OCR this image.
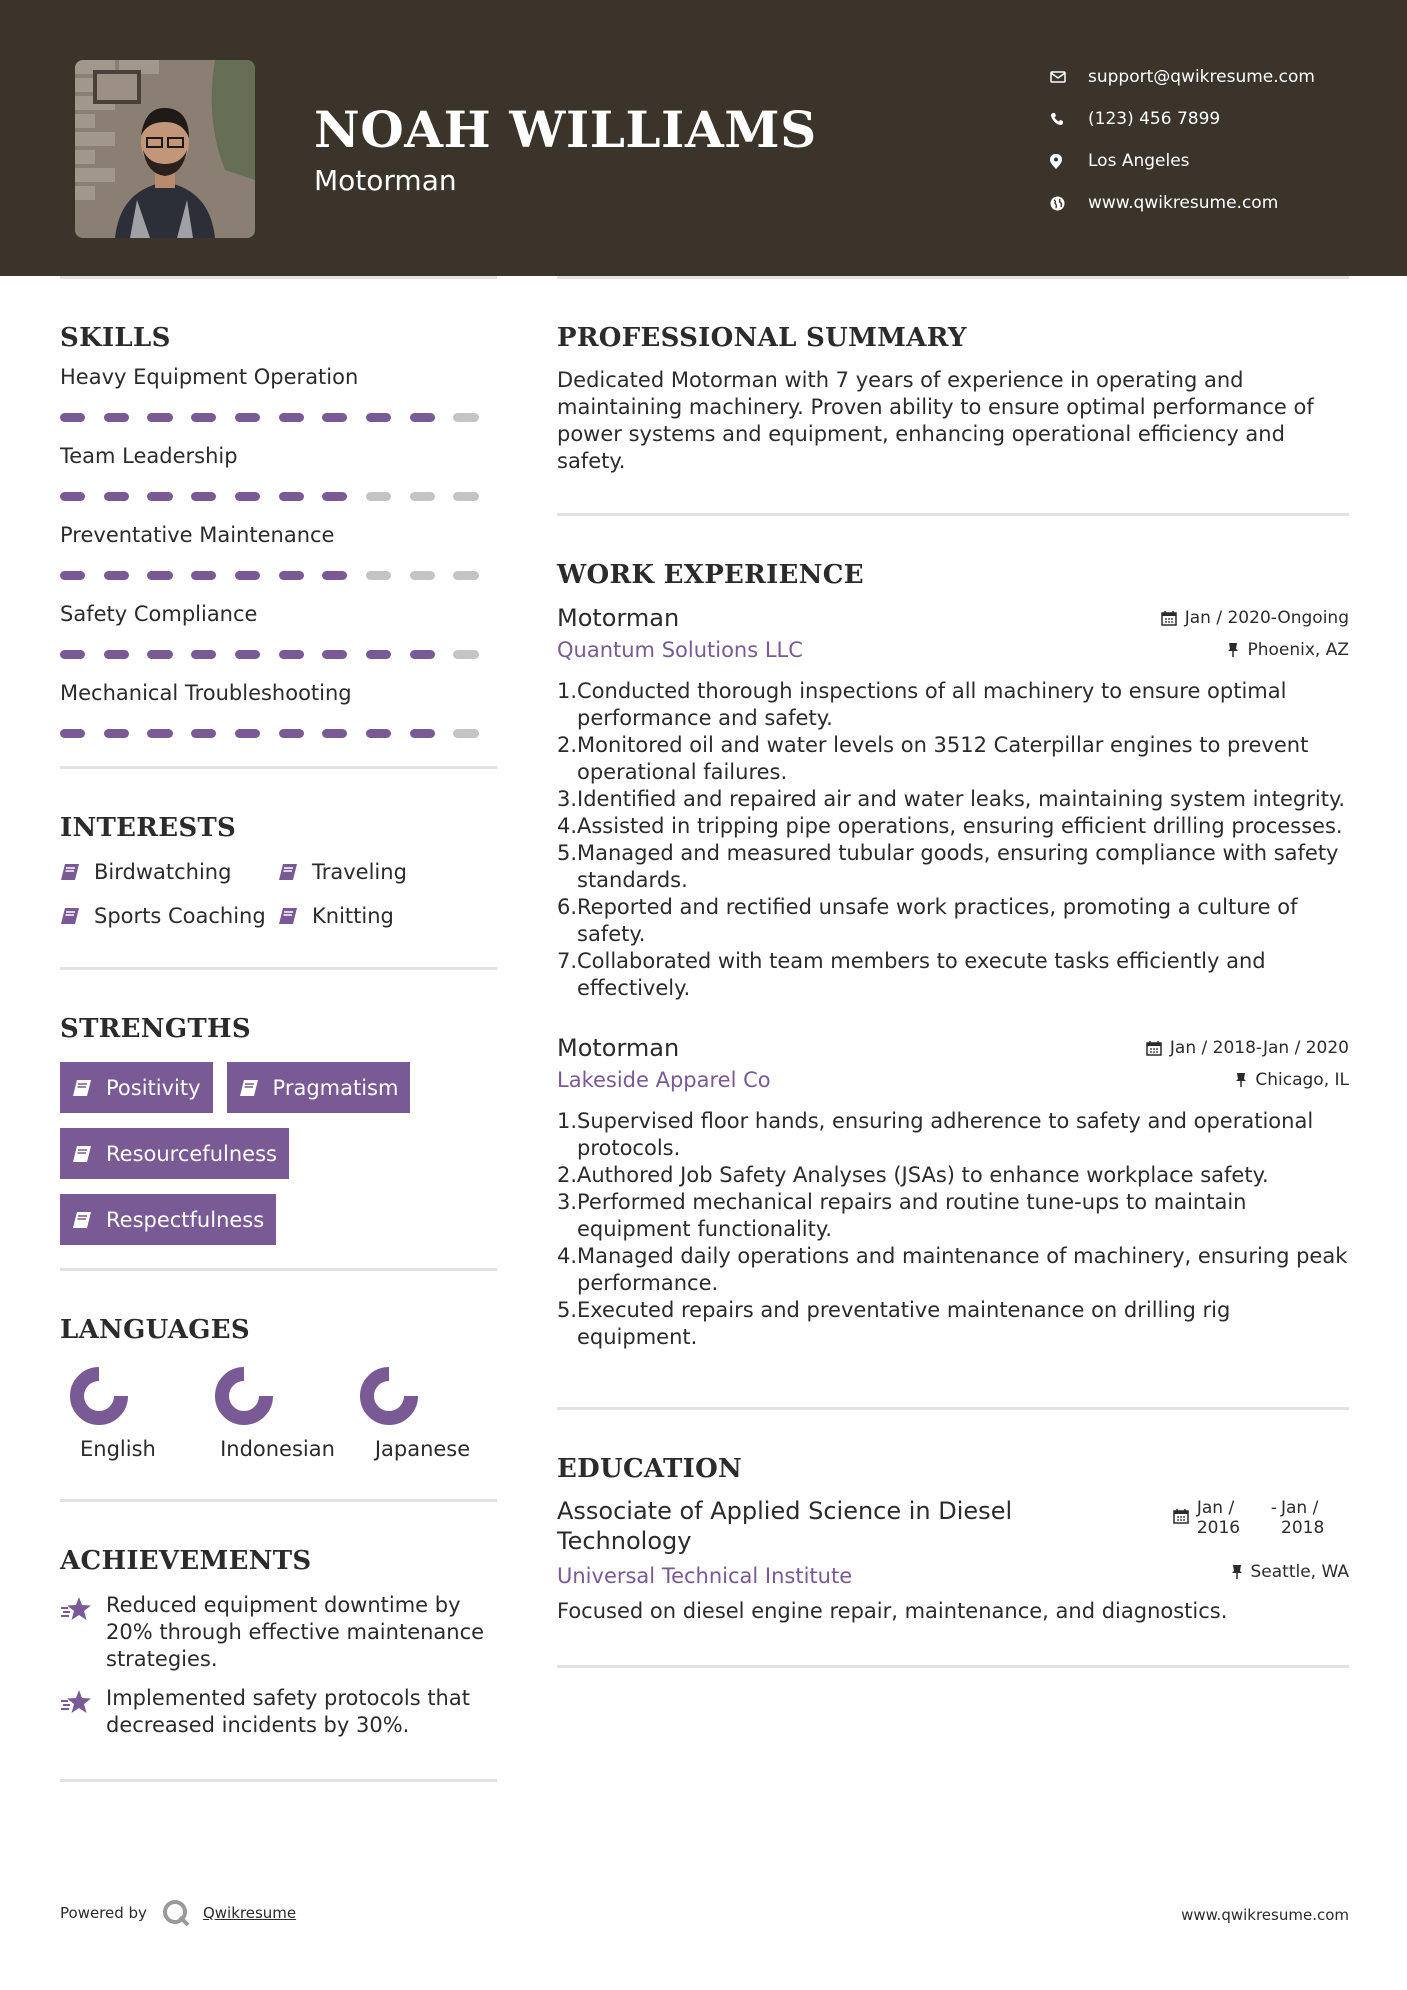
NOAH WILLIAMS
Motorman
support@qwikresume.com
(123) 456 7899
Los Angeles
www.qwikresume.com
SKILLS
Heavy Equipment Operation
Team Leadership
Preventative Maintenance
Safety Compliance
Mechanical Troubleshooting
INTERESTS
Birdwatching	Traveling
Sports Coaching Knitting
STRENGTHS
Positivity	Pragmatism
Resourcefulness
Respectfulness
LANGUAGES
English	Indonesian	Japanese
ACHIEVEMENTS
Reduced equipment downtime by 20% through effective maintenance strategies.
Implemented safety protocols that decreased incidents by 30%.
PROFESSIONAL SUMMARY
Dedicated Motorman with 7 years of experience in operating and maintaining machinery. Proven ability to ensure optimal performance of power systems and equipment, enhancing operational efficiency and safety.
WORK EXPERIENCE
Motorman
Quantum Solutions LLC
Jan / 2020-Ongoing
Phoenix, AZ
1. Conducted thorough inspections of all machinery to ensure optimal performance and safety.
2. Monitored oil and water levels on 3512 Caterpillar engines to prevent operational failures.
3. Identified and repaired air and water leaks, maintaining system integrity.
4. Assisted in tripping pipe operations, ensuring efficient drilling processes.
5. Managed and measured tubular goods, ensuring compliance with safety standards.
6. Reported and rectified unsafe work practices, promoting a culture of safety.
7. Collaborated with team members to execute tasks efficiently and effectively.
Motorman
Lakeside Apparel Co
Jan / 2018-Jan / 2020
Chicago, IL
1. Supervised floor hands, ensuring adherence to safety and operational protocols.
2. Authored Job Safety Analyses (JSAs) to enhance workplace safety.
3. Performed mechanical repairs and routine tune-ups to maintain equipment functionality.
4. Managed daily operations and maintenance of machinery, ensuring peak performance.
5. Executed repairs and preventative maintenance on drilling rig equipment.
EDUCATION
Associate of Applied Science in Diesel Technology
Universal Technical Institute
Jan / 2016
- Jan / 2018
Seattle, WA
Focused on diesel engine repair, maintenance, and diagnostics.
Powered by	Qwikresume	www.qwikresume.com
